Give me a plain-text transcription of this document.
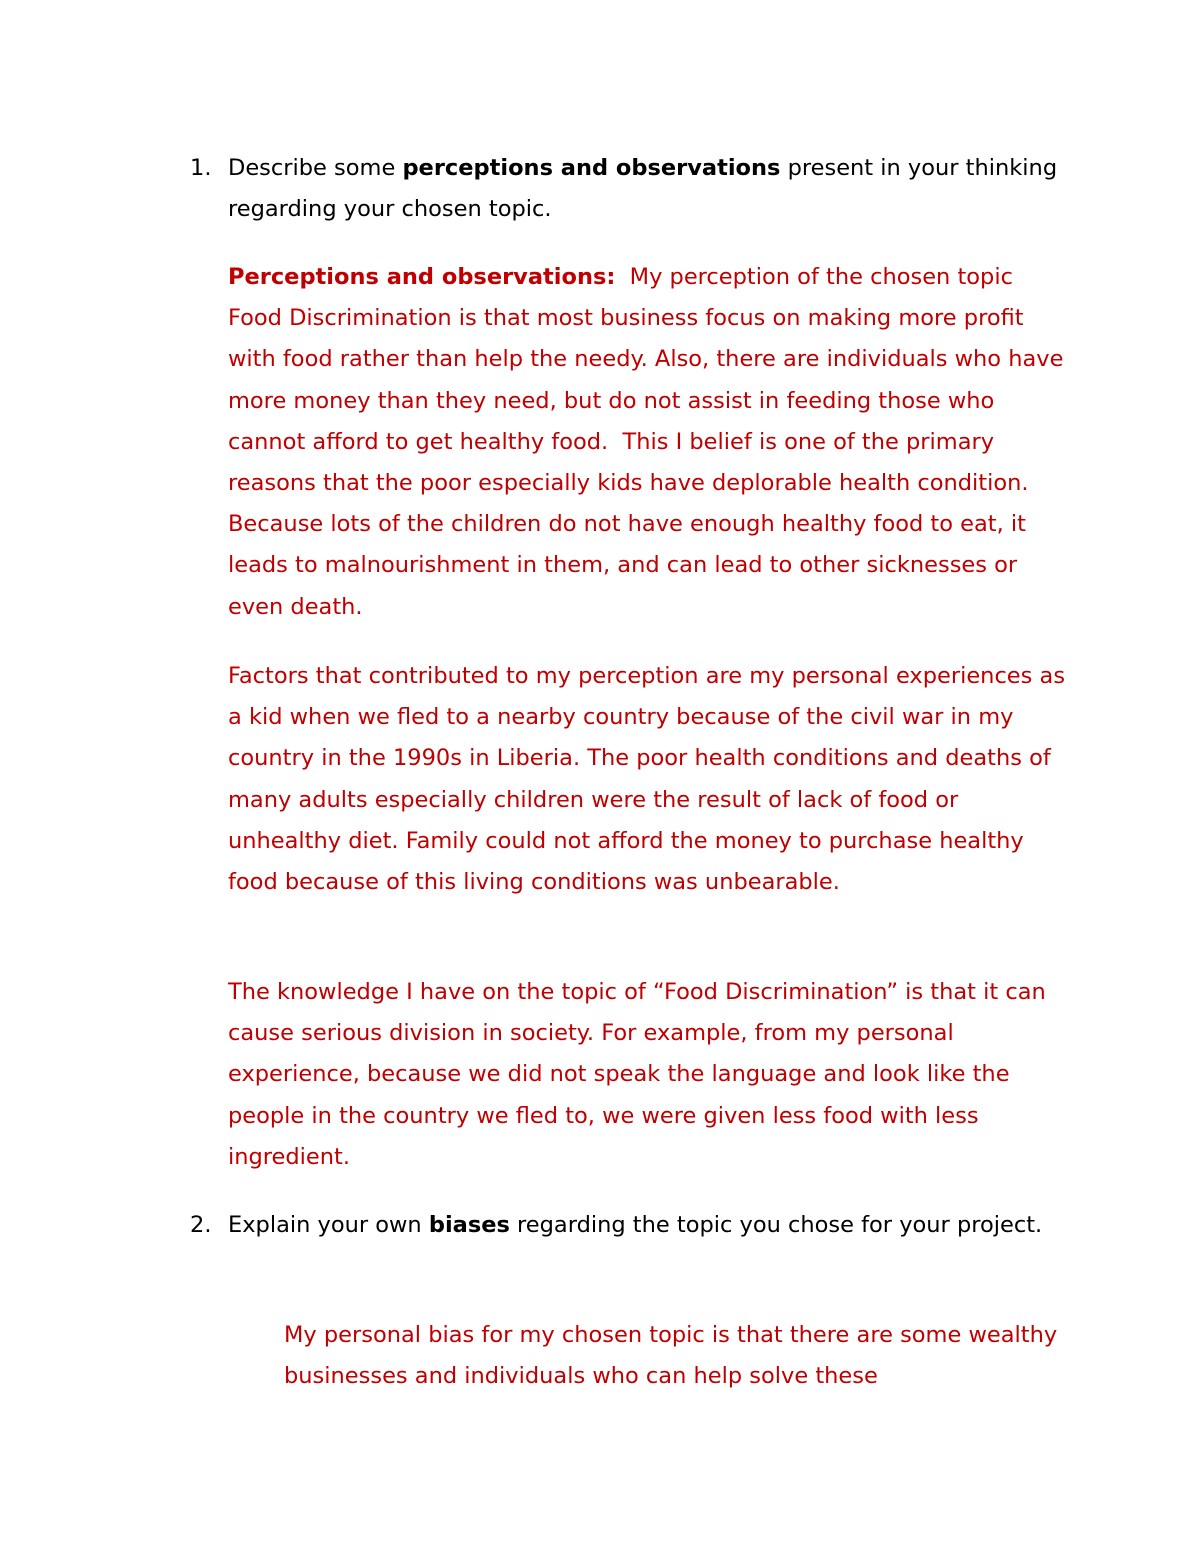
1. Describe some perceptions and observations present in your thinking regarding your chosen topic.
Perceptions and observations:  My perception of the chosen topic Food Discrimination is that most business focus on making more profit with food rather than help the needy. Also, there are individuals who have more money than they need, but do not assist in feeding those who cannot afford to get healthy food.  This I belief is one of the primary reasons that the poor especially kids have deplorable health condition. Because lots of the children do not have enough healthy food to eat, it leads to malnourishment in them, and can lead to other sicknesses or even death.
Factors that contributed to my perception are my personal experiences as a kid when we fled to a nearby country because of the civil war in my country in the 1990s in Liberia. The poor health conditions and deaths of many adults especially children were the result of lack of food or unhealthy diet. Family could not afford the money to purchase healthy food because of this living conditions was unbearable.
The knowledge I have on the topic of “Food Discrimination” is that it can cause serious division in society. For example, from my personal experience, because we did not speak the language and look like the people in the country we fled to, we were given less food with less ingredient.
2. Explain your own biases regarding the topic you chose for your project.
My personal bias for my chosen topic is that there are some wealthy businesses and individuals who can help solve these
